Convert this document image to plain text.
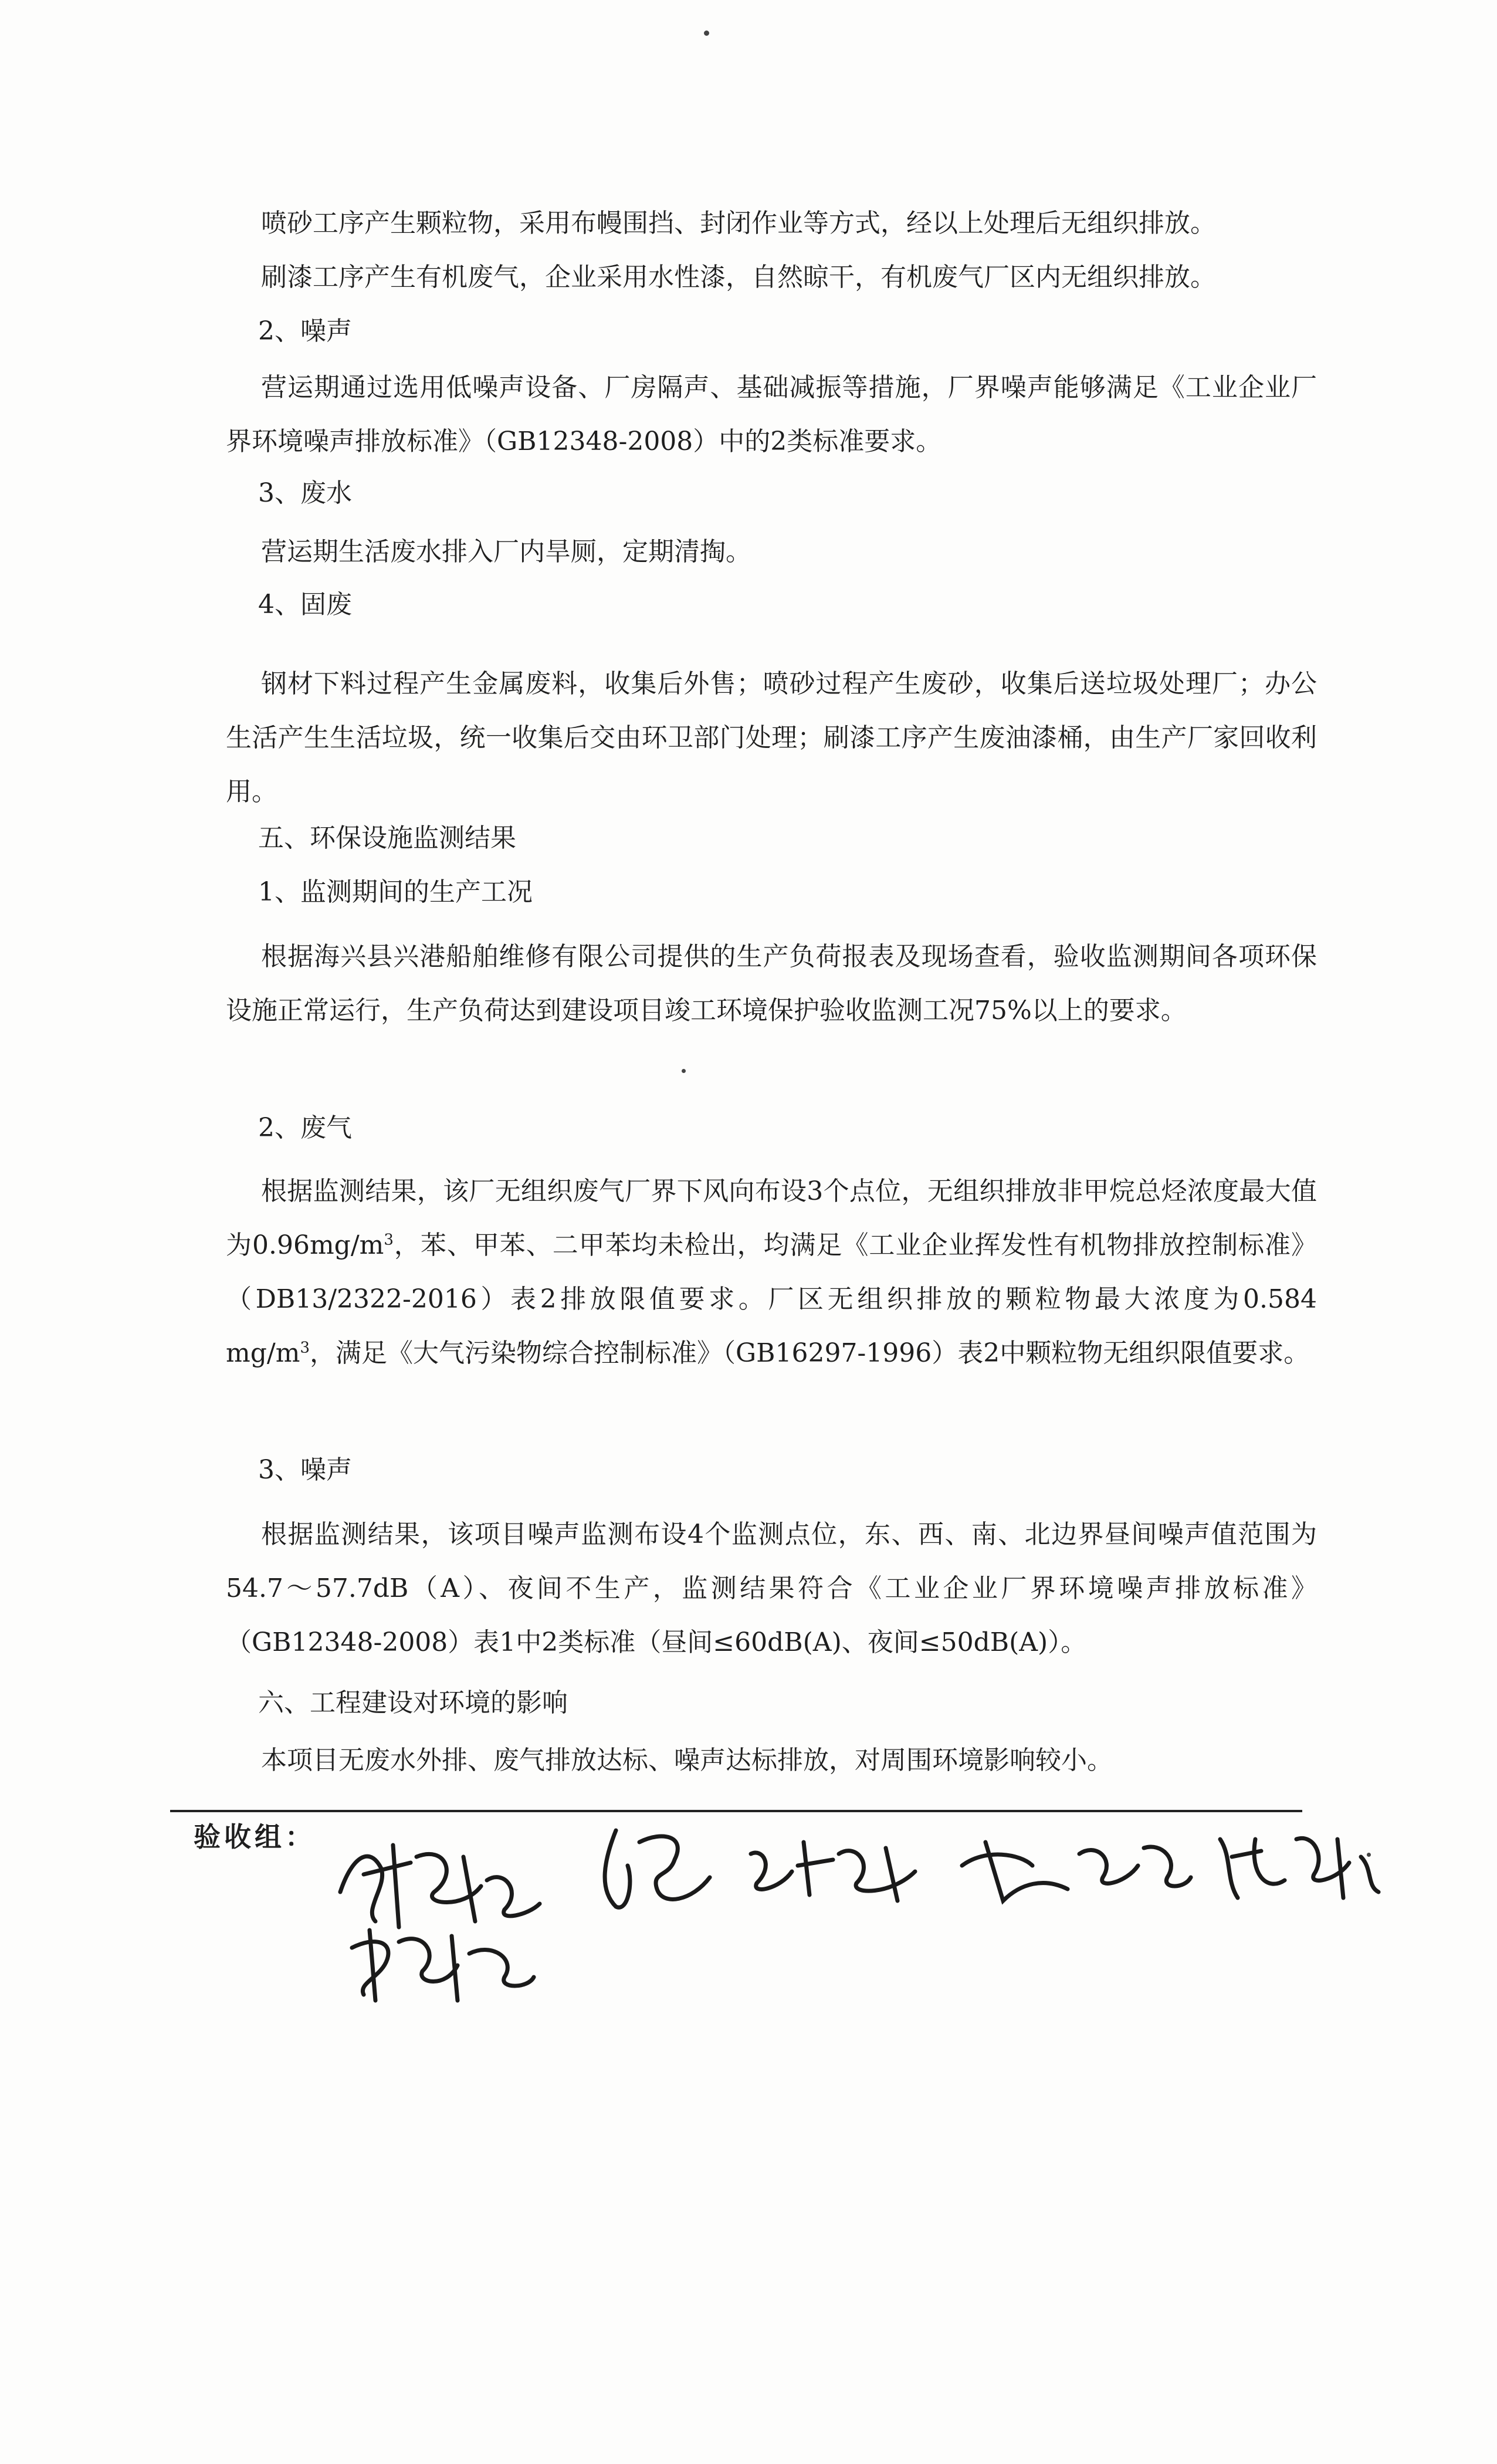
喷砂工序产生颗粒物，采用布幔围挡、封闭作业等方式，经以上处理后无组织排放。

刷漆工序产生有机废气，企业采用水性漆，自然晾干，有机废气厂区内无组织排放。

2、噪声

营运期通过选用低噪声设备、厂房隔声、基础减振等措施，厂界噪声能够满足《工业企业厂界环境噪声排放标准》（GB12348-2008）中的2类标准要求。

3、废水

营运期生活废水排入厂内旱厕，定期清掏。

4、固废

钢材下料过程产生金属废料，收集后外售；喷砂过程产生废砂，收集后送垃圾处理厂；办公生活产生生活垃圾，统一收集后交由环卫部门处理；刷漆工序产生废油漆桶，由生产厂家回收利用。

五、环保设施监测结果

1、监测期间的生产工况

根据海兴县兴港船舶维修有限公司提供的生产负荷报表及现场查看，验收监测期间各项环保设施正常运行，生产负荷达到建设项目竣工环境保护验收监测工况75%以上的要求。

2、废气

根据监测结果，该厂无组织废气厂界下风向布设3个点位，无组织排放非甲烷总烃浓度最大值为$0.96mg/m^3$，苯、甲苯、二甲苯均未检出，均满足《工业企业挥发性有机物排放控制标准》（DB13/2322-2016）表2排放限值要求。厂区无组织排放的颗粒物最大浓度为0.584 $mg/m^3$，满足《大气污染物综合控制标准》（GB16297-1996）表2中颗粒物无组织限值要求。

3、噪声

根据监测结果，该项目噪声监测布设4个监测点位，东、西、南、北边界昼间噪声值范围为54.7～57.7dB（A）、夜间不生产，监测结果符合《工业企业厂界环境噪声排放标准》（GB12348-2008）表1中2类标准（昼间≤60dB(A)、夜间≤50dB(A)）。

六、工程建设对环境的影响

本项目无废水外排、废气排放达标、噪声达标排放，对周围环境影响较小。

验收组：
